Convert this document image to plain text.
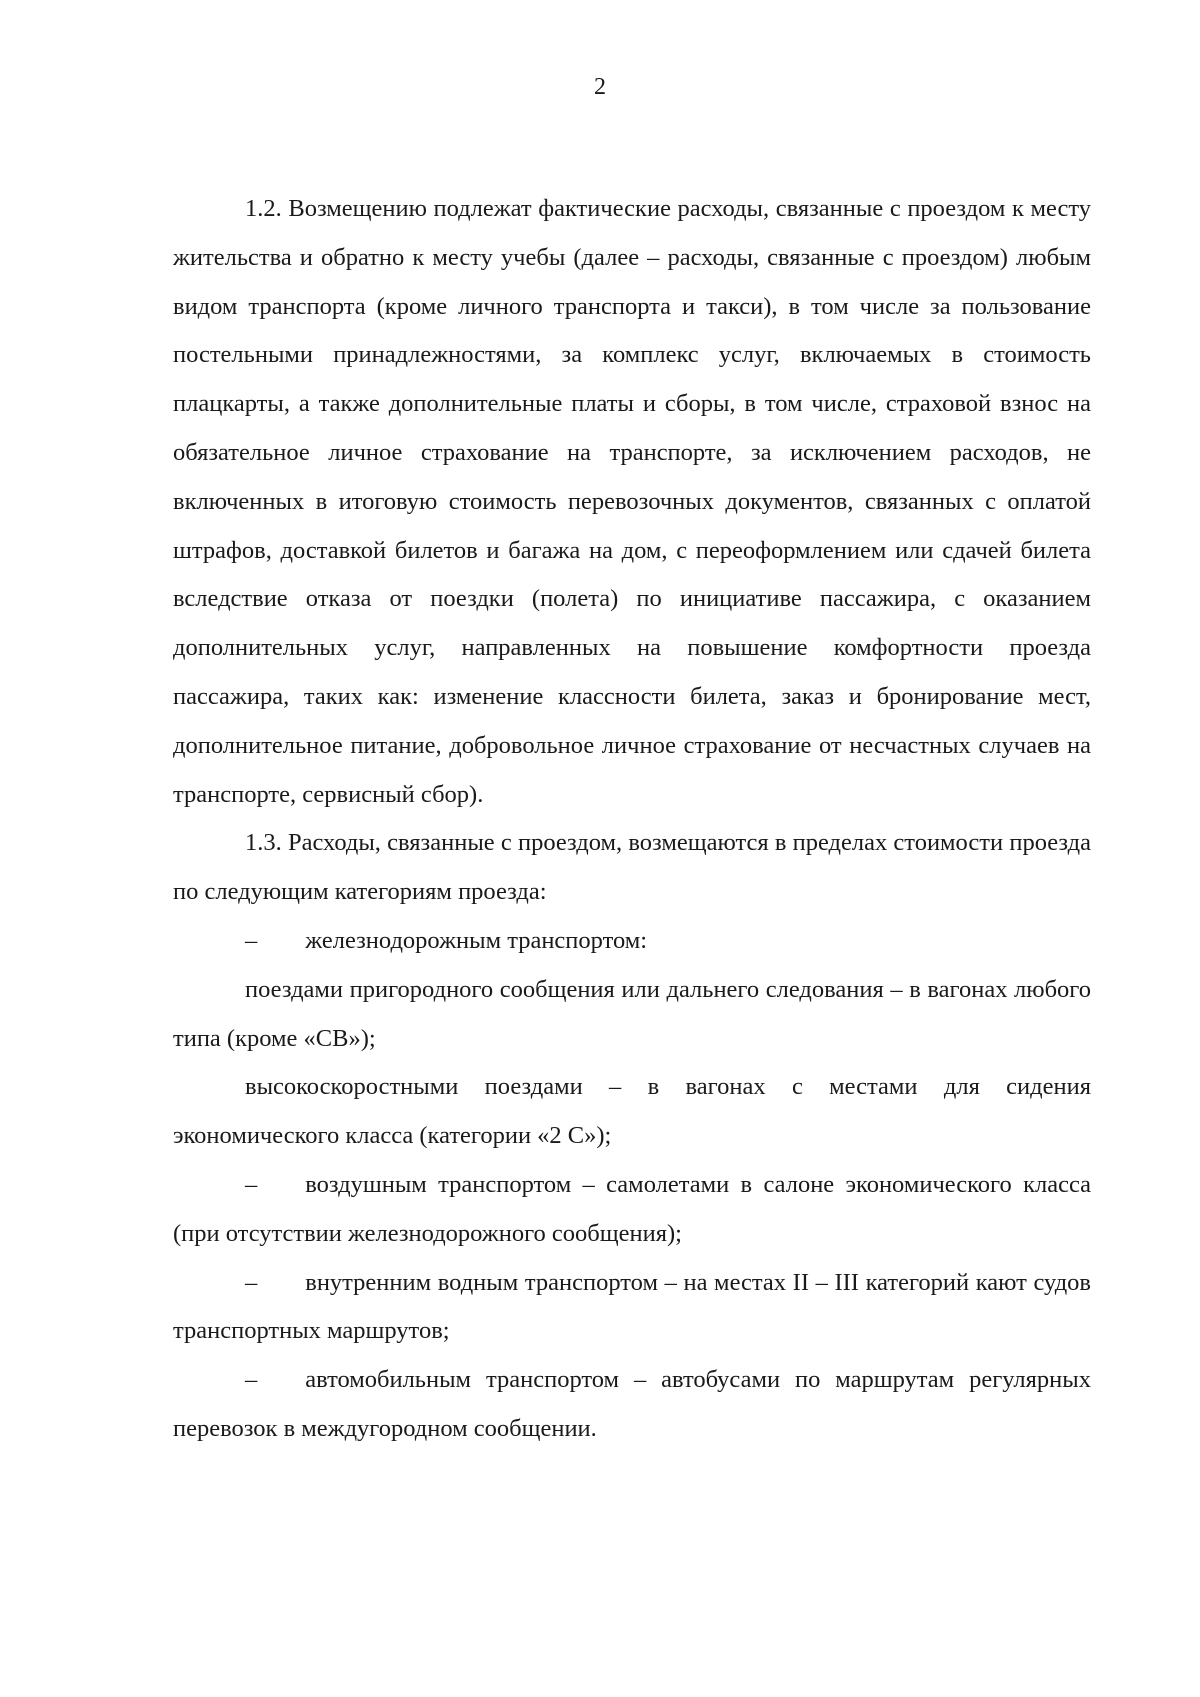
2

1.2. Возмещению подлежат фактические расходы, связанные с проездом к месту жительства и обратно к месту учебы (далее – расходы, связанные с проездом) любым видом транспорта (кроме личного транспорта и такси), в том числе за пользование постельными принадлежностями, за комплекс услуг, включаемых в стоимость плацкарты, а также дополнительные платы и сборы, в том числе, страховой взнос на обязательное личное страхование на транспорте, за исключением расходов, не включенных в итоговую стоимость перевозочных документов, связанных с оплатой штрафов, доставкой билетов и багажа на дом, с переоформлением или сдачей билета вследствие отказа от поездки (полета) по инициативе пассажира, с оказанием дополнительных услуг, направленных на повышение комфортности проезда пассажира, таких как: изменение классности билета, заказ и бронирование мест, дополнительное питание, добровольное личное страхование от несчастных случаев на транспорте, сервисный сбор).

1.3. Расходы, связанные с проездом, возмещаются в пределах стоимости проезда по следующим категориям проезда:

– железнодорожным транспортом:

поездами пригородного сообщения или дальнего следования – в вагонах любого типа (кроме «СВ»);

высокоскоростными поездами – в вагонах с местами для сидения экономического класса (категории «2 С»);

– воздушным транспортом – самолетами в салоне экономического класса (при отсутствии железнодорожного сообщения);

– внутренним водным транспортом – на местах II – III категорий кают судов транспортных маршрутов;

– автомобильным транспортом – автобусами по маршрутам регулярных перевозок в междугородном сообщении.
